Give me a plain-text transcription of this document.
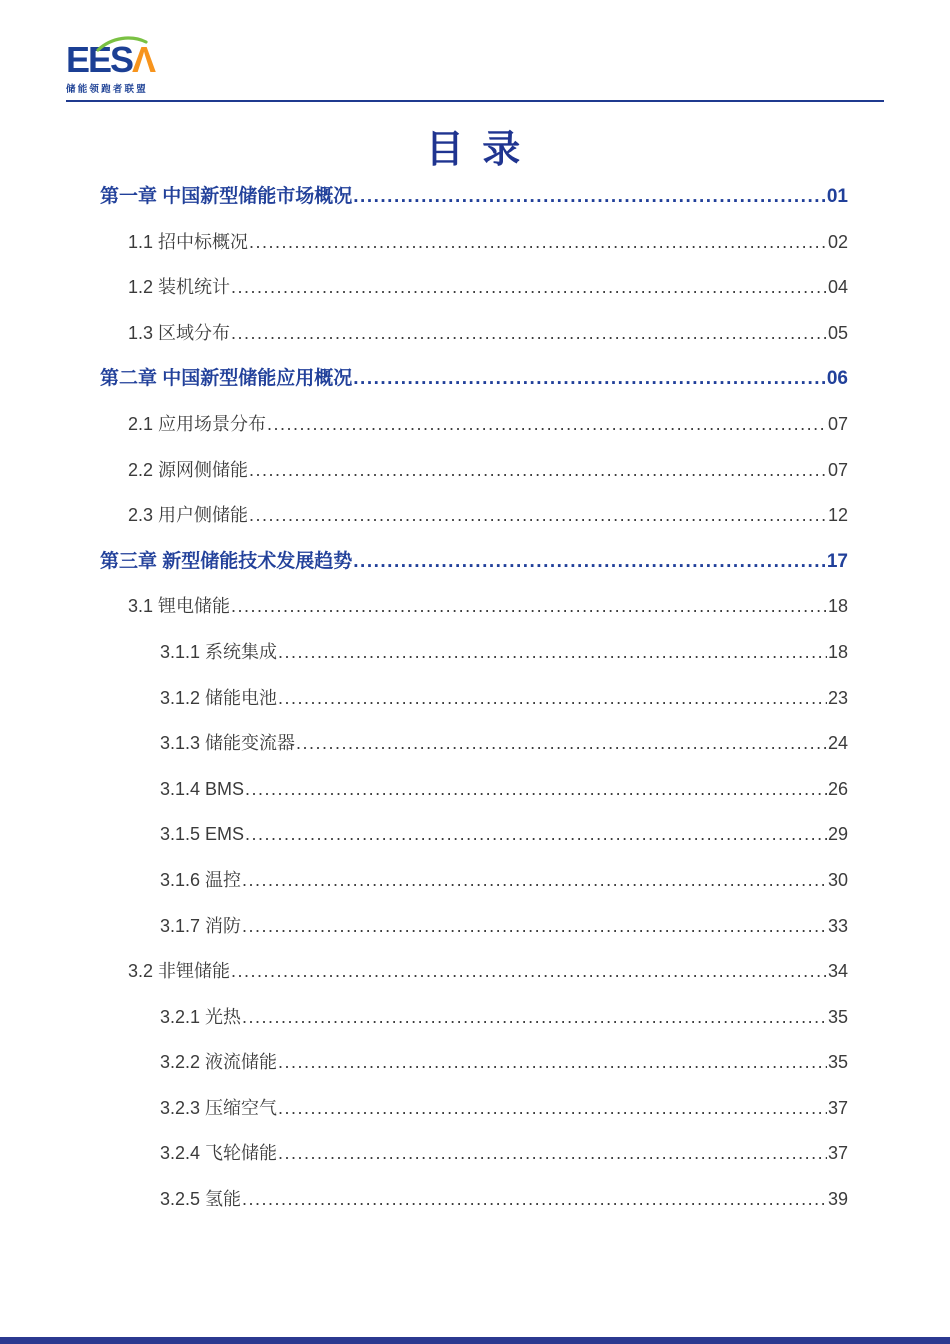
EESΛ
储能领跑者联盟
目 录
第一章 中国新型储能市场概况 .....	01
1.1 招中标概况 .....	02
1.2 装机统计 .....	04
1.3 区域分布 .....	05
第二章 中国新型储能应用概况 .....	06
2.1 应用场景分布 .....	07
2.2 源网侧储能 .....	07
2.3 用户侧储能 .....	12
第三章 新型储能技术发展趋势 .....	17
3.1 锂电储能 .....	18
3.1.1 系统集成 .....	18
3.1.2 储能电池 .....	23
3.1.3 储能变流器 .....	24
3.1.4 BMS .....	26
3.1.5 EMS .....	29
3.1.6 温控 .....	30
3.1.7 消防 .....	33
3.2 非锂储能 .....	34
3.2.1 光热 .....	35
3.2.2 液流储能 .....	35
3.2.3 压缩空气 .....	37
3.2.4 飞轮储能 .....	37
3.2.5 氢能 .....	39
